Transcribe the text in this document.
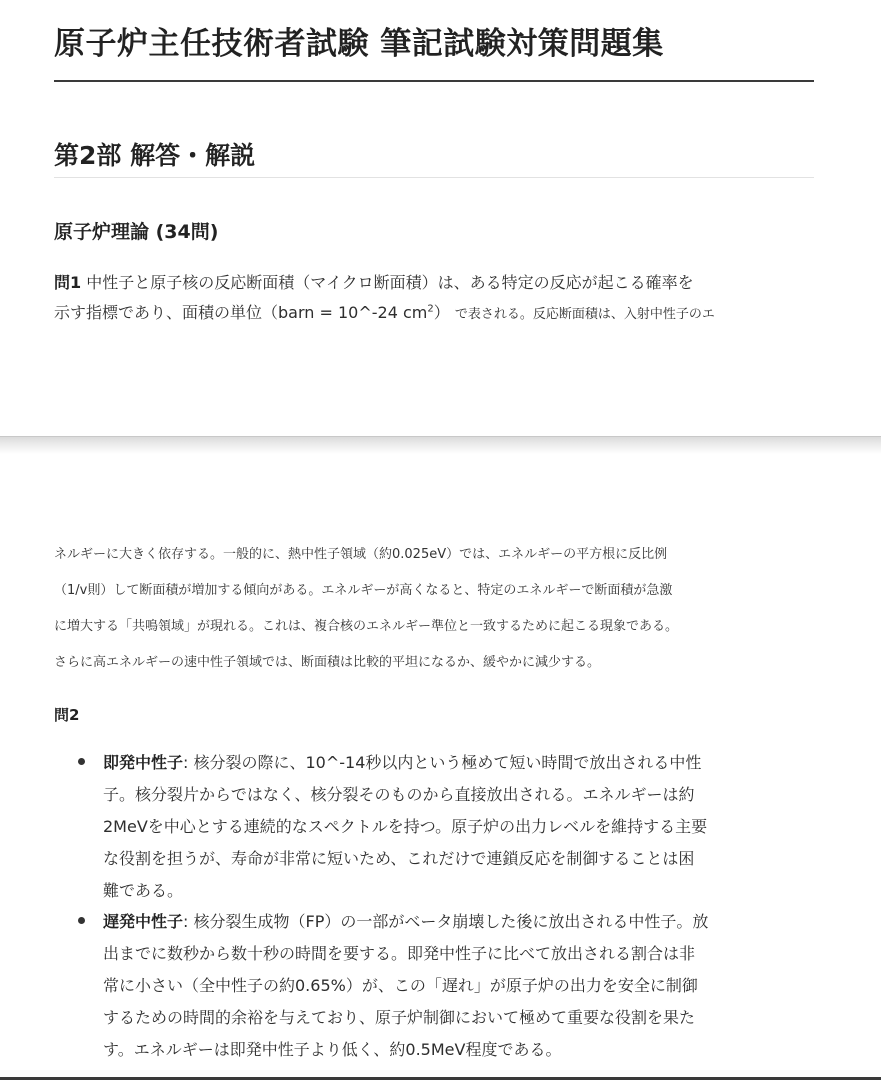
原子炉主任技術者試験 筆記試験対策問題集
第2部 解答・解説
原子炉理論 (34問)
問1 中性子と原子核の反応断面積（マイクロ断面積）は、ある特定の反応が起こる確率を
示す指標であり、面積の単位（barn = 10^-24 $cm^2$） で表される。反応断面積は、入射中性子のエ
ネルギーに大きく依存する。一般的に、熱中性子領域（約0.025eV）では、エネルギーの平方根に反比例
（1/v則）して断面積が増加する傾向がある。エネルギーが高くなると、特定のエネルギーで断面積が急激
に増大する「共鳴領域」が現れる。これは、複合核のエネルギー準位と一致するために起こる現象である。
さらに高エネルギーの速中性子領域では、断面積は比較的平坦になるか、緩やかに減少する。
問2
即発中性子: 核分裂の際に、10^-14秒以内という極めて短い時間で放出される中性
子。核分裂片からではなく、核分裂そのものから直接放出される。エネルギーは約
2MeVを中心とする連続的なスペクトルを持つ。原子炉の出力レベルを維持する主要
な役割を担うが、寿命が非常に短いため、これだけで連鎖反応を制御することは困
難である。
遅発中性子: 核分裂生成物（FP）の一部がベータ崩壊した後に放出される中性子。放
出までに数秒から数十秒の時間を要する。即発中性子に比べて放出される割合は非
常に小さい（全中性子の約0.65%）が、この「遅れ」が原子炉の出力を安全に制御
するための時間的余裕を与えており、原子炉制御において極めて重要な役割を果た
す。エネルギーは即発中性子より低く、約0.5MeV程度である。
